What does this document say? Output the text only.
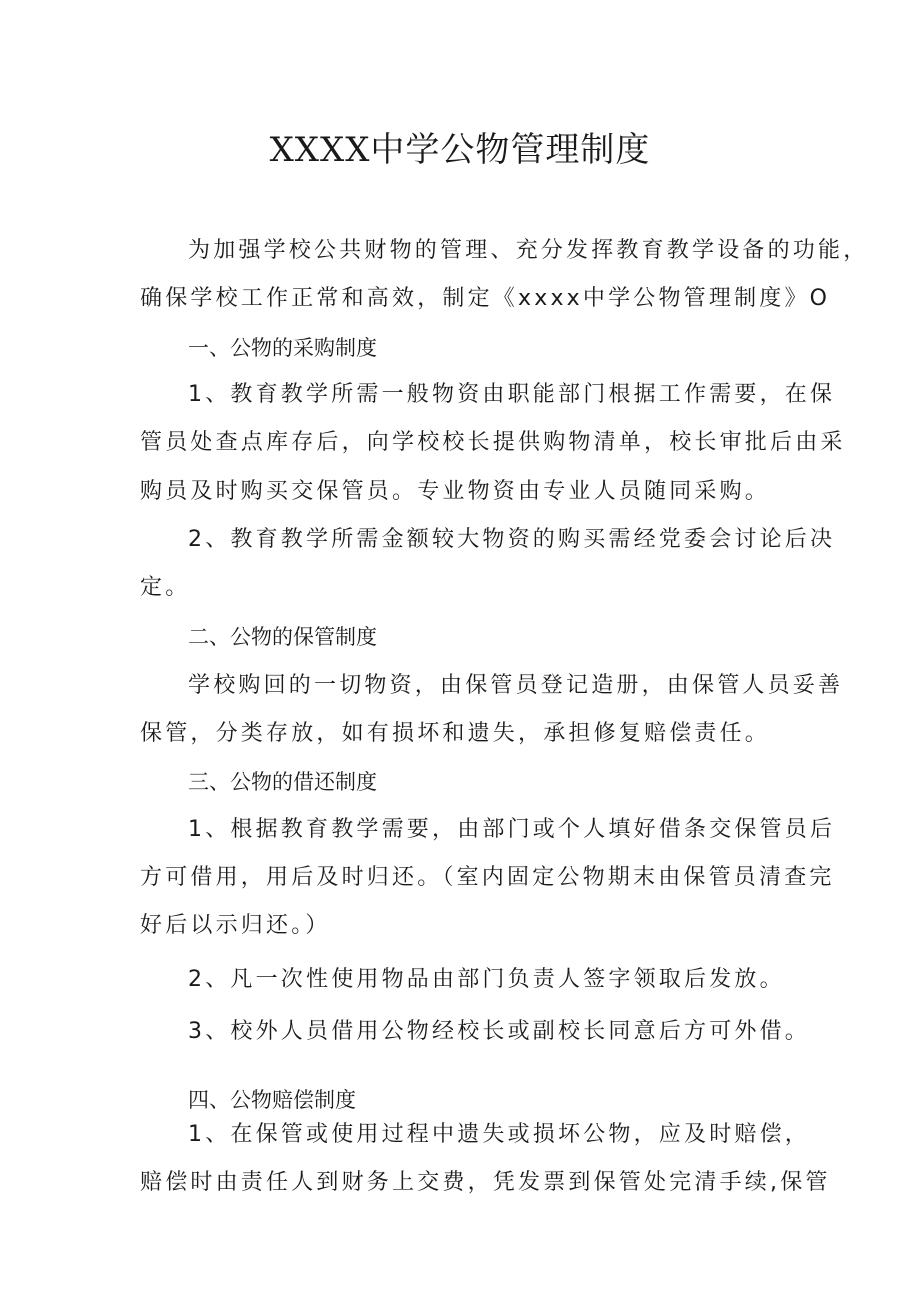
XXXX中学公物管理制度

为加强学校公共财物的管理、充分发挥教育教学设备的功能，

确保学校工作正常和高效，制定《xxxx中学公物管理制度》O

一、公物的采购制度

1、教育教学所需一般物资由职能部门根据工作需要，在保

管员处查点库存后，向学校校长提供购物清单，校长审批后由采

购员及时购买交保管员。专业物资由专业人员随同采购。

2、教育教学所需金额较大物资的购买需经党委会讨论后决

定。

二、公物的保管制度

学校购回的一切物资，由保管员登记造册，由保管人员妥善

保管，分类存放，如有损坏和遗失，承担修复赔偿责任。

三、公物的借还制度

1、根据教育教学需要，由部门或个人填好借条交保管员后

方可借用，用后及时归还。（室内固定公物期末由保管员清查完

好后以示归还。）

2、凡一次性使用物品由部门负责人签字领取后发放。

3、校外人员借用公物经校长或副校长同意后方可外借。

四、公物赔偿制度

1、在保管或使用过程中遗失或损坏公物，应及时赔偿，

赔偿时由责任人到财务上交费，凭发票到保管处完清手续,保管
